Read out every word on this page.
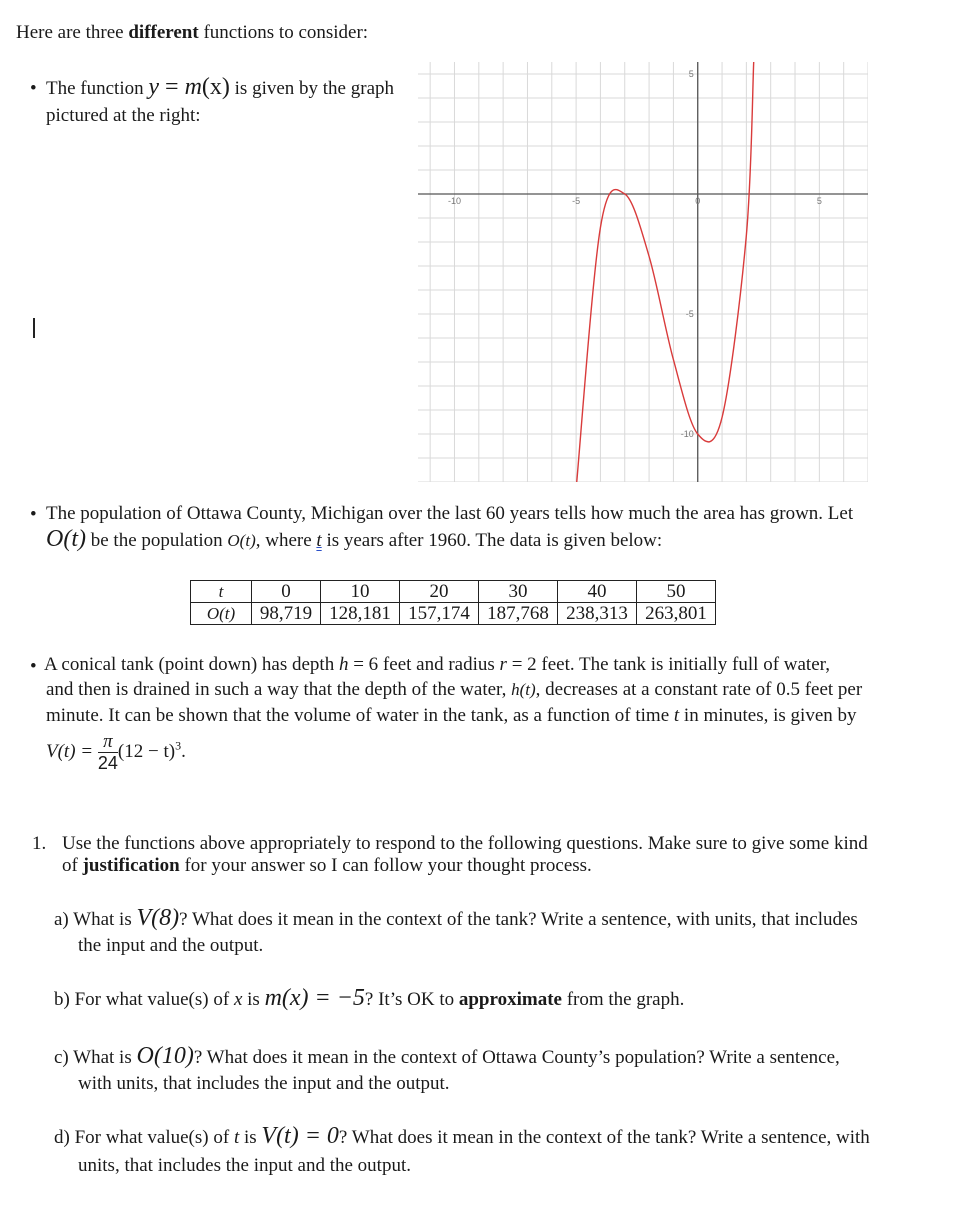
Here are three different functions to consider:
• The function y = m(x) is given by the graph
pictured at the right:
-10	-5	0	5
5
-5
-10
• The population of Ottawa County, Michigan over the last 60 years tells how much the area has grown. Let
O(t) be the population O(t), where t is years after 1960. The data is given below:
t	0	10	20	30	40	50
O(t)	98,719	128,181	157,174	187,768	238,313	263,801
• A conical tank (point down) has depth h = 6 feet and radius r = 2 feet. The tank is initially full of water,
and then is drained in such a way that the depth of the water, h(t), decreases at a constant rate of 0.5 feet per
minute. It can be shown that the volume of water in the tank, as a function of time t in minutes, is given by
$V(t) = \frac{\pi}{24} (12 - t)^3$.
1. Use the functions above appropriately to respond to the following questions. Make sure to give some kind
of justification for your answer so I can follow your thought process.
a) What is V(8)? What does it mean in the context of the tank? Write a sentence, with units, that includes
the input and the output.
b) For what value(s) of x is m(x) = −5? It’s OK to approximate from the graph.
c) What is O(10)? What does it mean in the context of Ottawa County’s population? Write a sentence,
with units, that includes the input and the output.
d) For what value(s) of t is V(t) = 0? What does it mean in the context of the tank? Write a sentence, with
units, that includes the input and the output.
